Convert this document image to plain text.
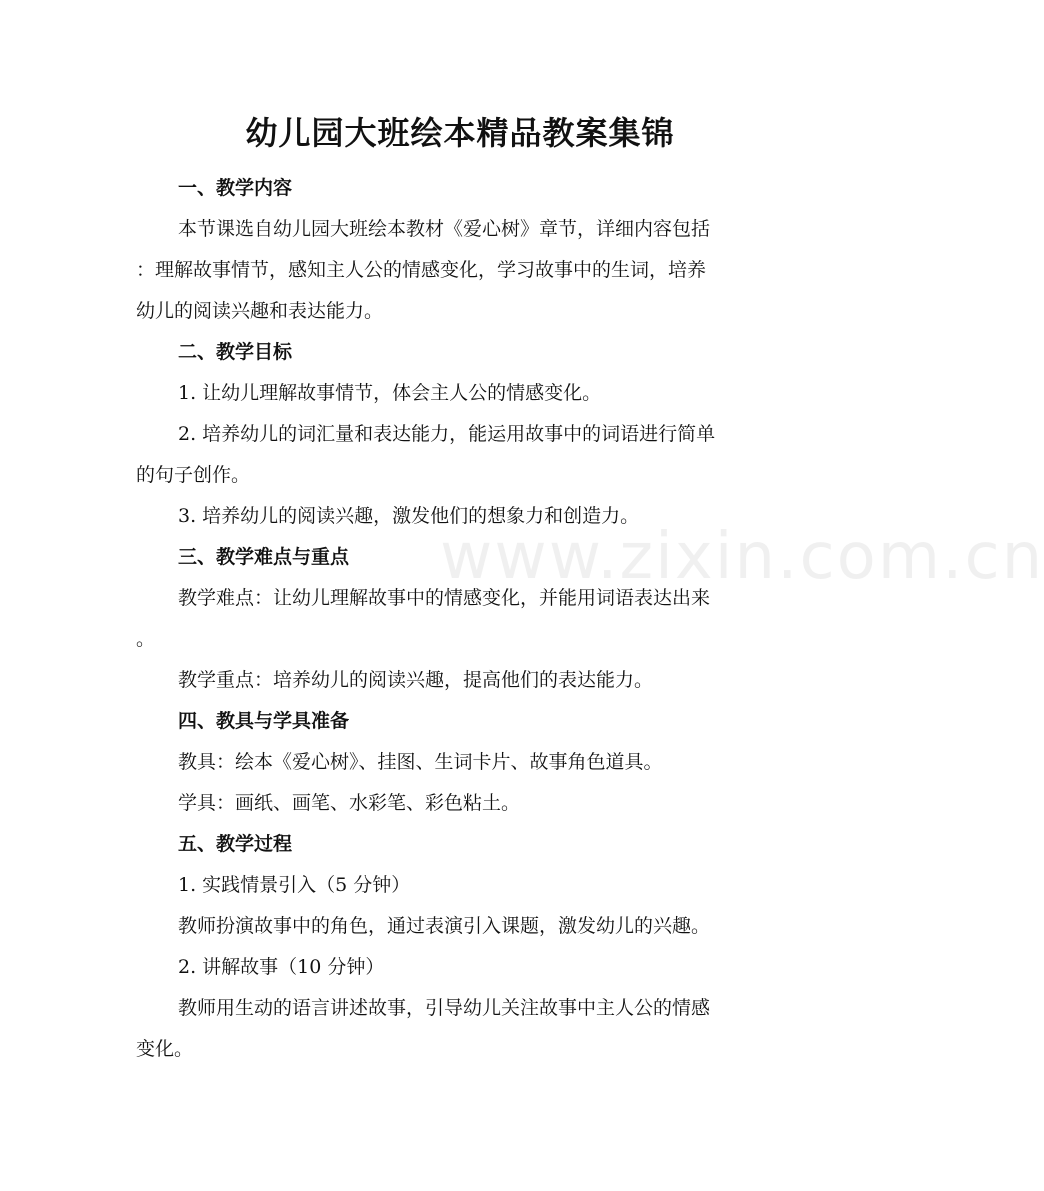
www.zixin.com.cn
幼儿园大班绘本精品教案集锦

一、教学内容

本节课选自幼儿园大班绘本教材《爱心树》章节，详细内容包括

：理解故事情节，感知主人公的情感变化，学习故事中的生词，培养

幼儿的阅读兴趣和表达能力。

二、教学目标

1. 让幼儿理解故事情节，体会主人公的情感变化。

2. 培养幼儿的词汇量和表达能力，能运用故事中的词语进行简单

的句子创作。

3. 培养幼儿的阅读兴趣，激发他们的想象力和创造力。

三、教学难点与重点

教学难点：让幼儿理解故事中的情感变化，并能用词语表达出来

。

教学重点：培养幼儿的阅读兴趣，提高他们的表达能力。

四、教具与学具准备

教具：绘本《爱心树》、挂图、生词卡片、故事角色道具。

学具：画纸、画笔、水彩笔、彩色粘土。

五、教学过程

1. 实践情景引入（5 分钟）

教师扮演故事中的角色，通过表演引入课题，激发幼儿的兴趣。

2. 讲解故事（10 分钟）

教师用生动的语言讲述故事，引导幼儿关注故事中主人公的情感

变化。
